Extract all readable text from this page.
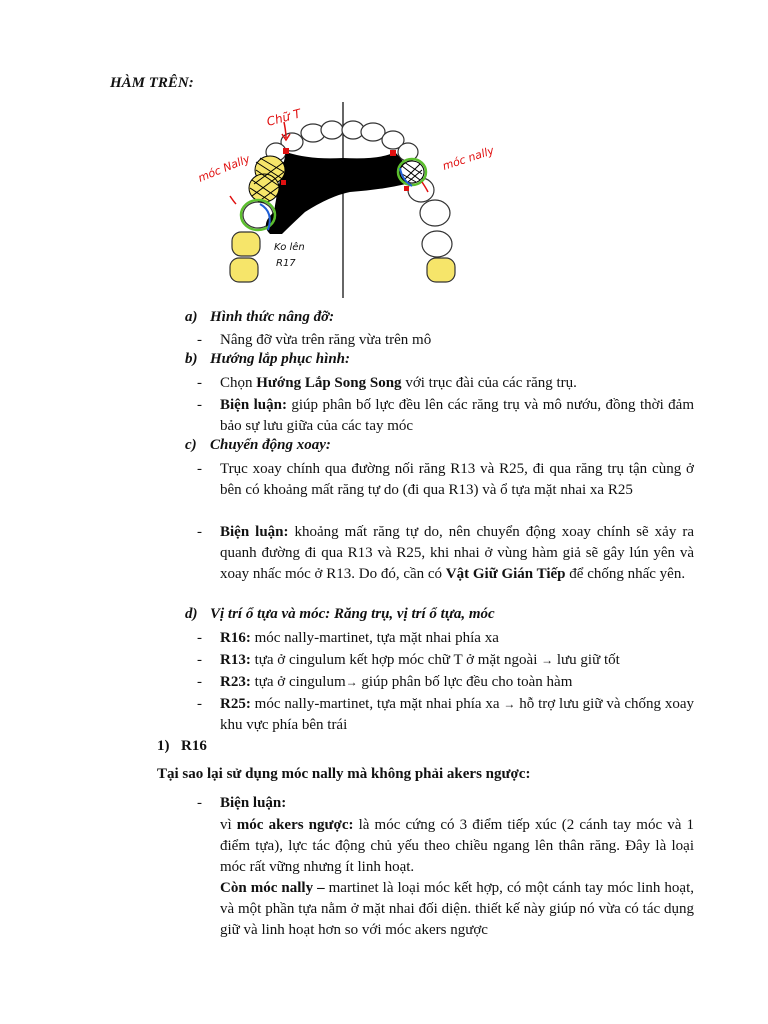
HÀM TRÊN:
Chữ T
móc Nally	móc nally
Ko lên
R17
a) Hình thức nâng đỡ:
- Nâng đỡ vừa trên răng vừa trên mô
b) Hướng lắp phục hình:
- Chọn Hướng Lắp Song Song với trục đài của các răng trụ.
- Biện luận: giúp phân bố lực đều lên các răng trụ và mô nướu, đồng thời đảm bảo sự lưu giữa của các tay móc
c) Chuyển động xoay:
- Trục xoay chính qua đường nối răng R13 và R25, đi qua răng trụ tận cùng ở bên có khoảng mất răng tự do (đi qua R13) và ổ tựa mặt nhai xa R25
- Biện luận: khoảng mất răng tự do, nên chuyển động xoay chính sẽ xảy ra quanh đường đi qua R13 và R25, khi nhai ở vùng hàm giả sẽ gây lún yên và xoay nhấc móc ở R13. Do đó, cần có Vật Giữ Gián Tiếp để chống nhấc yên.
d) Vị trí ổ tựa và móc: Răng trụ, vị trí ổ tựa, móc
- R16: móc nally-martinet, tựa mặt nhai phía xa
- R13: tựa ở cingulum kết hợp móc chữ T ở mặt ngoài → lưu giữ tốt
- R23: tựa ở cingulum→ giúp phân bố lực đều cho toàn hàm
- R25: móc nally-martinet, tựa mặt nhai phía xa → hỗ trợ lưu giữ và chống xoay khu vực phía bên trái
1) R16
Tại sao lại sử dụng móc nally mà không phải akers ngược:
- Biện luận:
vì móc akers ngược: là móc cứng có 3 điểm tiếp xúc (2 cánh tay móc và 1 điểm tựa), lực tác động chủ yếu theo chiều ngang lên thân răng. Đây là loại móc rất vững nhưng ít linh hoạt.
Còn móc nally – martinet là loại móc kết hợp, có một cánh tay móc linh hoạt, và một phần tựa nằm ở mặt nhai đối diện. thiết kế này giúp nó vừa có tác dụng giữ và linh hoạt hơn so với móc akers ngược
